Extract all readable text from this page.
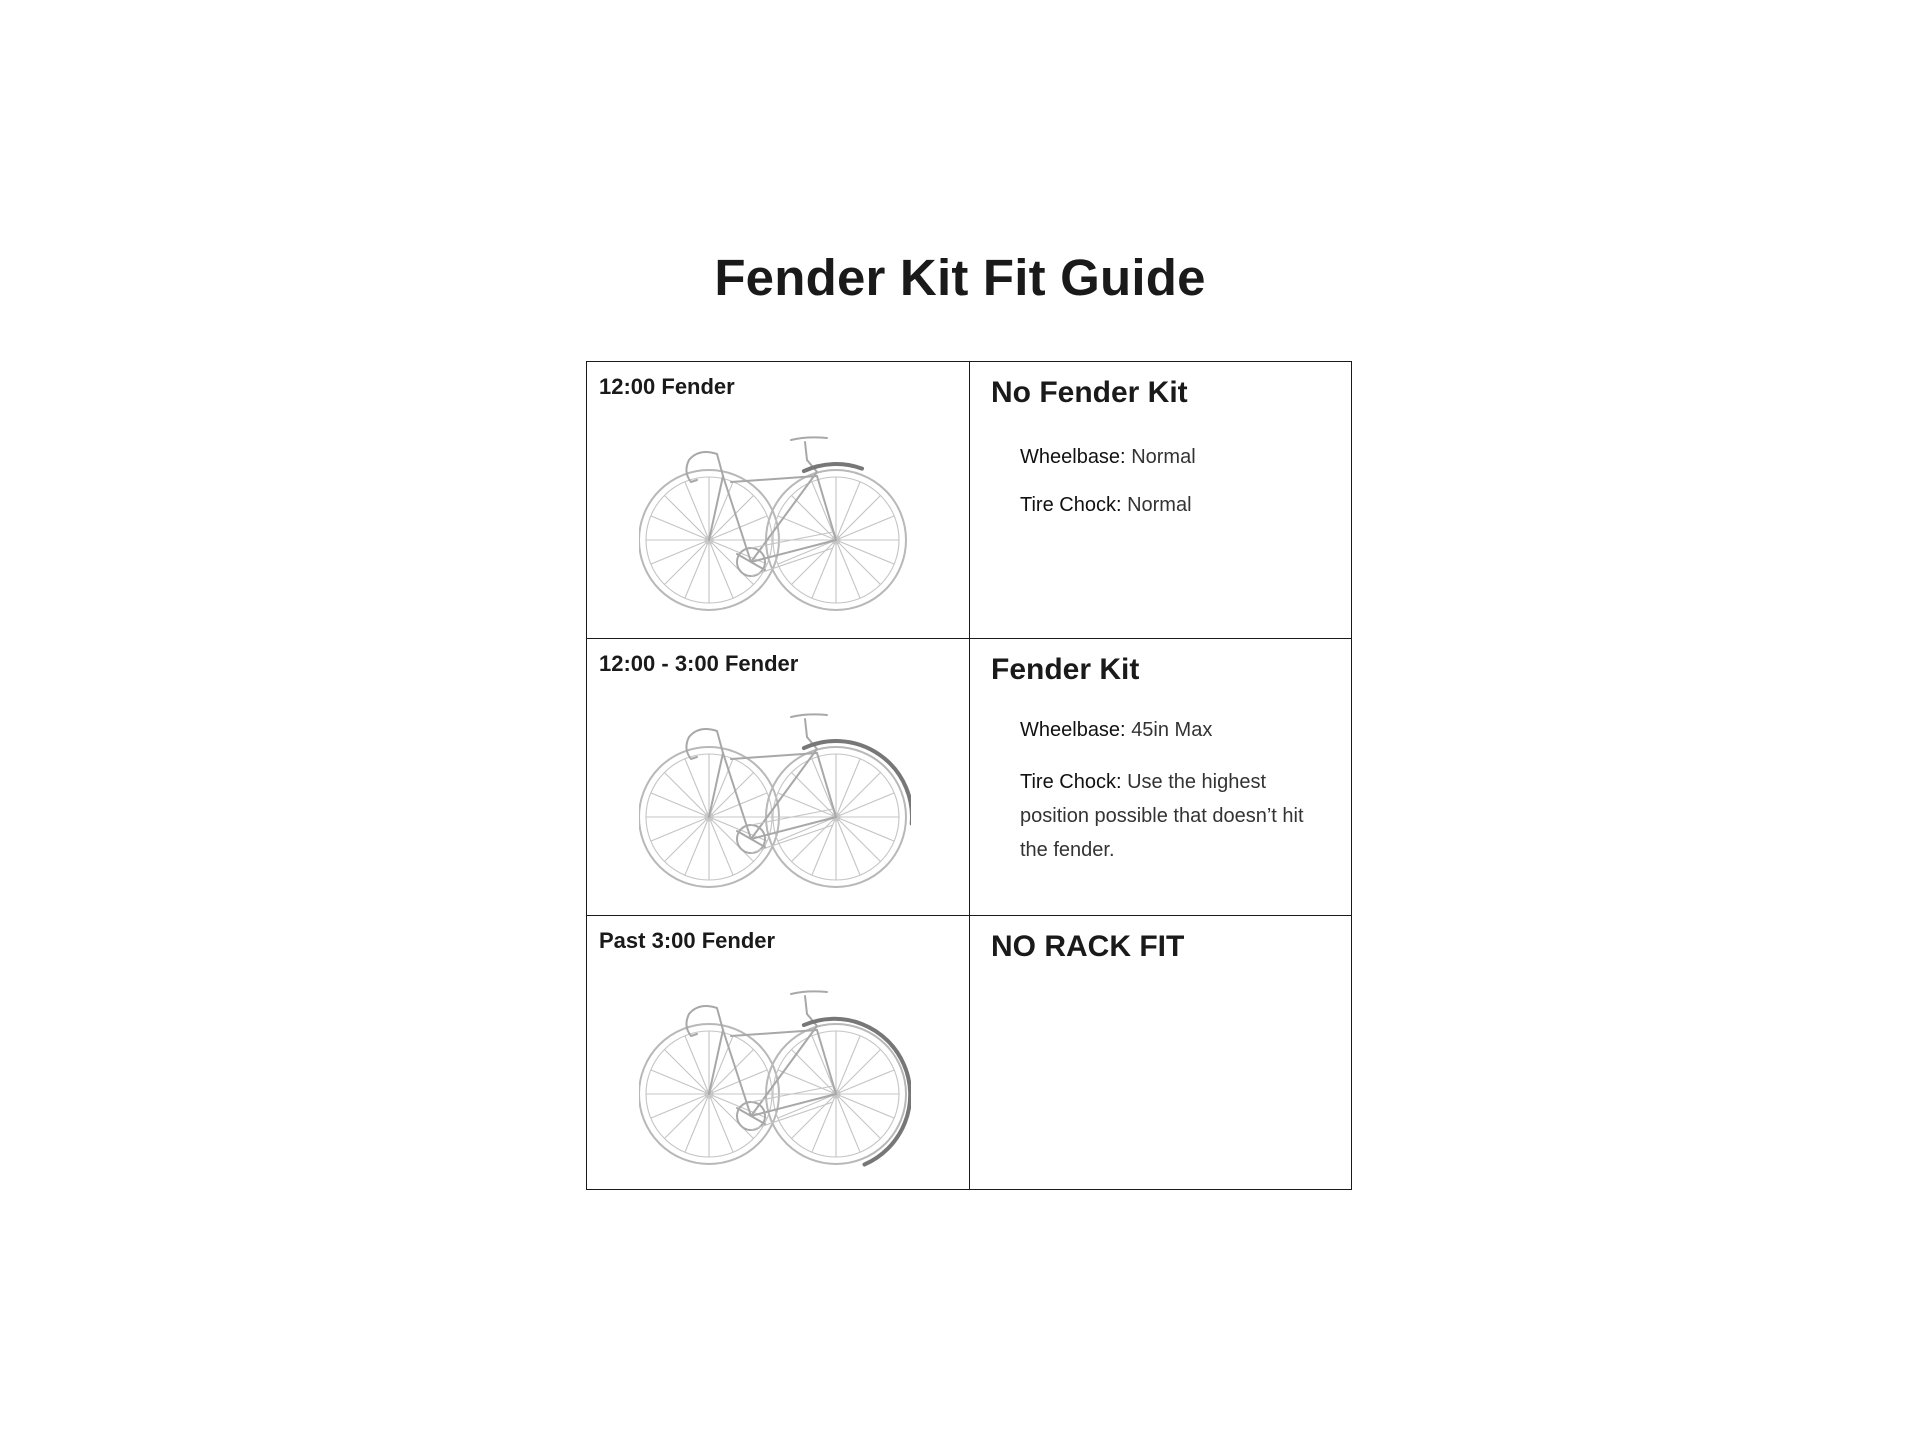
Fender Kit Fit Guide

12:00 Fender	No Fender Kit

Wheelbase: Normal

Tire Chock: Normal

12:00 - 3:00 Fender	Fender Kit

Wheelbase: 45in Max

Tire Chock: Use the highest
position possible that doesn’t hit
the fender.

Past 3:00 Fender	NO RACK FIT
